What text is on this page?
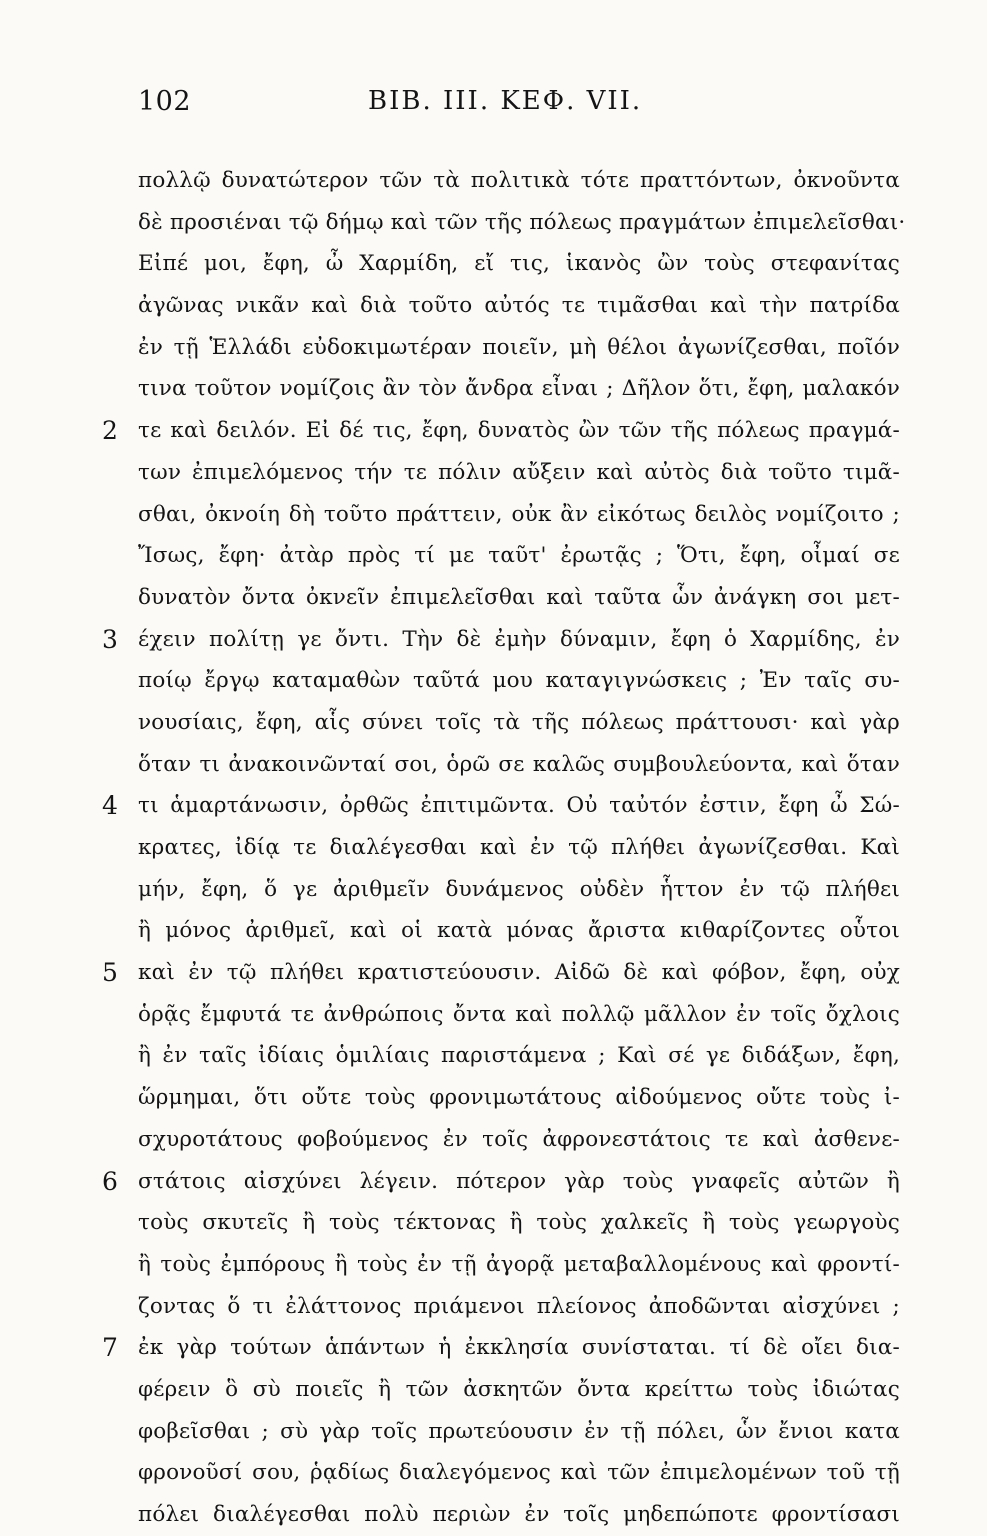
102	BIB. III. ΚΕΦ. VII.
πολλῷ δυνατώτερον τῶν τὰ πολιτικὰ τότε πραττόντων, ὀκνοῦντα
δὲ προσιέναι τῷ δήμῳ καὶ τῶν τῆς πόλεως πραγμάτων ἐπιμελεῖσθαι·
Εἰπέ μοι, ἔφη, ὦ Χαρμίδη, εἴ τις, ἱκανὸς ὢν τοὺς στεφανίτας
ἀγῶνας νικᾶν καὶ διὰ τοῦτο αὐτός τε τιμᾶσθαι καὶ τὴν πατρίδα
ἐν τῇ Ἑλλάδι εὐδοκιμωτέραν ποιεῖν, μὴ θέλοι ἀγωνίζεσθαι, ποῖόν
τινα τοῦτον νομίζοις ἂν τὸν ἄνδρα εἶναι ; Δῆλον ὅτι, ἔφη, μαλακόν
2 τε καὶ δειλόν. Εἰ δέ τις, ἔφη, δυνατὸς ὢν τῶν τῆς πόλεως πραγμά-
των ἐπιμελόμενος τήν τε πόλιν αὔξειν καὶ αὐτὸς διὰ τοῦτο τιμᾶ-
σθαι, ὀκνοίη δὴ τοῦτο πράττειν, οὐκ ἂν εἰκότως δειλὸς νομίζοιτο ;
Ἴσως, ἔφη· ἀτὰρ πρὸς τί με ταῦτ' ἐρωτᾷς ; Ὅτι, ἔφη, οἶμαί σε
δυνατὸν ὄντα ὀκνεῖν ἐπιμελεῖσθαι καὶ ταῦτα ὧν ἀνάγκη σοι μετ-
3 έχειν πολίτῃ γε ὄντι. Τὴν δὲ ἐμὴν δύναμιν, ἔφη ὁ Χαρμίδης, ἐν
ποίῳ ἔργῳ καταμαθὼν ταῦτά μου καταγιγνώσκεις ; Ἐν ταῖς συ-
νουσίαις, ἔφη, αἷς σύνει τοῖς τὰ τῆς πόλεως πράττουσι· καὶ γὰρ
ὅταν τι ἀνακοινῶνταί σοι, ὁρῶ σε καλῶς συμβουλεύοντα, καὶ ὅταν
4 τι ἁμαρτάνωσιν, ὀρθῶς ἐπιτιμῶντα. Οὐ ταὐτόν ἐστιν, ἔφη ὦ Σώ-
κρατες, ἰδίᾳ τε διαλέγεσθαι καὶ ἐν τῷ πλήθει ἀγωνίζεσθαι. Καὶ
μήν, ἔφη, ὅ γε ἀριθμεῖν δυνάμενος οὐδὲν ἧττον ἐν τῷ πλήθει
ἢ μόνος ἀριθμεῖ, καὶ οἱ κατὰ μόνας ἄριστα κιθαρίζοντες οὗτοι
5 καὶ ἐν τῷ πλήθει κρατιστεύουσιν. Αἰδῶ δὲ καὶ φόβον, ἔφη, οὐχ
ὁρᾷς ἔμφυτά τε ἀνθρώποις ὄντα καὶ πολλῷ μᾶλλον ἐν τοῖς ὄχλοις
ἢ ἐν ταῖς ἰδίαις ὁμιλίαις παριστάμενα ; Καὶ σέ γε διδάξων, ἔφη,
ὥρμημαι, ὅτι οὔτε τοὺς φρονιμωτάτους αἰδούμενος οὔτε τοὺς ἰ-
σχυροτάτους φοβούμενος ἐν τοῖς ἀφρονεστάτοις τε καὶ ἀσθενε-
6 στάτοις αἰσχύνει λέγειν. πότερον γὰρ τοὺς γναφεῖς αὐτῶν ἢ
τοὺς σκυτεῖς ἢ τοὺς τέκτονας ἢ τοὺς χαλκεῖς ἢ τοὺς γεωργοὺς
ἢ τοὺς ἐμπόρους ἢ τοὺς ἐν τῇ ἀγορᾷ μεταβαλλομένους καὶ φροντί-
ζοντας ὅ τι ἐλάττονος πριάμενοι πλείονος ἀποδῶνται αἰσχύνει ;
7 ἐκ γὰρ τούτων ἁπάντων ἡ ἐκκλησία συνίσταται. τί δὲ οἴει δια-
φέρειν ὃ σὺ ποιεῖς ἢ τῶν ἀσκητῶν ὄντα κρείττω τοὺς ἰδιώτας
φοβεῖσθαι ; σὺ γὰρ τοῖς πρωτεύουσιν ἐν τῇ πόλει, ὧν ἔνιοι κατα
φρονοῦσί σου, ῥᾳδίως διαλεγόμενος καὶ τῶν ἐπιμελομένων τοῦ τῇ
πόλει διαλέγεσθαι πολὺ περιὼν ἐν τοῖς μηδεπώποτε φροντίσασι
